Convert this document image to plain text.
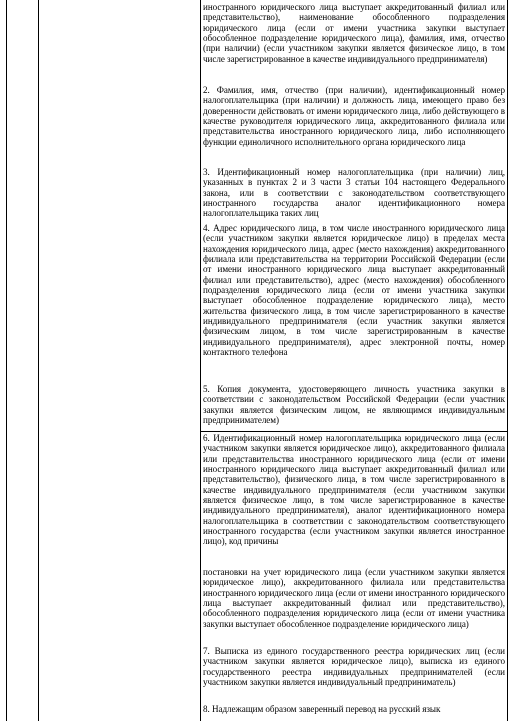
иностранного юридического лица выступает аккредитованный филиал или представительство), наименование обособленного подразделения юридического лица (если от имени участника закупки выступает обособленное подразделение юридического лица), фамилия, имя, отчество (при наличии) (если участником закупки является физическое лицо, в том числе зарегистрированное в качестве индивидуального предпринимателя)
2. Фамилия, имя, отчество (при наличии), идентификационный номер налогоплательщика (при наличии) и должность лица, имеющего право без доверенности действовать от имени юридического лица, либо действующего в качестве руководителя юридического лица, аккредитованного филиала или представительства иностранного юридического лица, либо исполняющего функции единоличного исполнительного органа юридического лица
3. Идентификационный номер налогоплательщика (при наличии) лиц, указанных в пунктах 2 и 3 части 3 статьи 104 настоящего Федерального закона, или в соответствии с законодательством соответствующего иностранного государства аналог идентификационного номера налогоплательщика таких лиц
4. Адрес юридического лица, в том числе иностранного юридического лица (если участником закупки является юридическое лицо) в пределах места нахождения юридического лица, адрес (место нахождения) аккредитованного филиала или представительства на территории Российской Федерации (если от имени иностранного юридического лица выступает аккредитованный филиал или представительство), адрес (место нахождения) обособленного подразделения юридического лица (если от имени участника закупки выступает обособленное подразделение юридического лица), место жительства физического лица, в том числе зарегистрированного в качестве индивидуального предпринимателя (если участник закупки является физическим лицом, в том числе зарегистрированным в качестве индивидуального предпринимателя), адрес электронной почты, номер контактного телефона
5. Копия документа, удостоверяющего личность участника закупки в соответствии с законодательством Российской Федерации (если участник закупки является физическим лицом, не являющимся индивидуальным предпринимателем)
6. Идентификационный номер налогоплательщика юридического лица (если участником закупки является юридическое лицо), аккредитованного филиала или представительства иностранного юридического лица (если от имени иностранного юридического лица выступает аккредитованный филиал или представительство), физического лица, в том числе зарегистрированного в качестве индивидуального предпринимателя (если участником закупки является физическое лицо, в том числе зарегистрированное в качестве индивидуального предпринимателя), аналог идентификационного номера налогоплательщика в соответствии с законодательством соответствующего иностранного государства (если участником закупки является иностранное лицо), код причины
постановки на учет юридического лица (если участником закупки является юридическое лицо), аккредитованного филиала или представительства иностранного юридического лица (если от имени иностранного юридического лица выступает аккредитованный филиал или представительство), обособленного подразделения юридического лица (если от имени участника закупки выступает обособленное подразделение юридического лица)
7. Выписка из единого государственного реестра юридических лиц (если участником закупки является юридическое лицо), выписка из единого государственного реестра индивидуальных предпринимателей (если участником закупки является индивидуальный предприниматель)
8. Надлежащим образом заверенный перевод на русский язык
